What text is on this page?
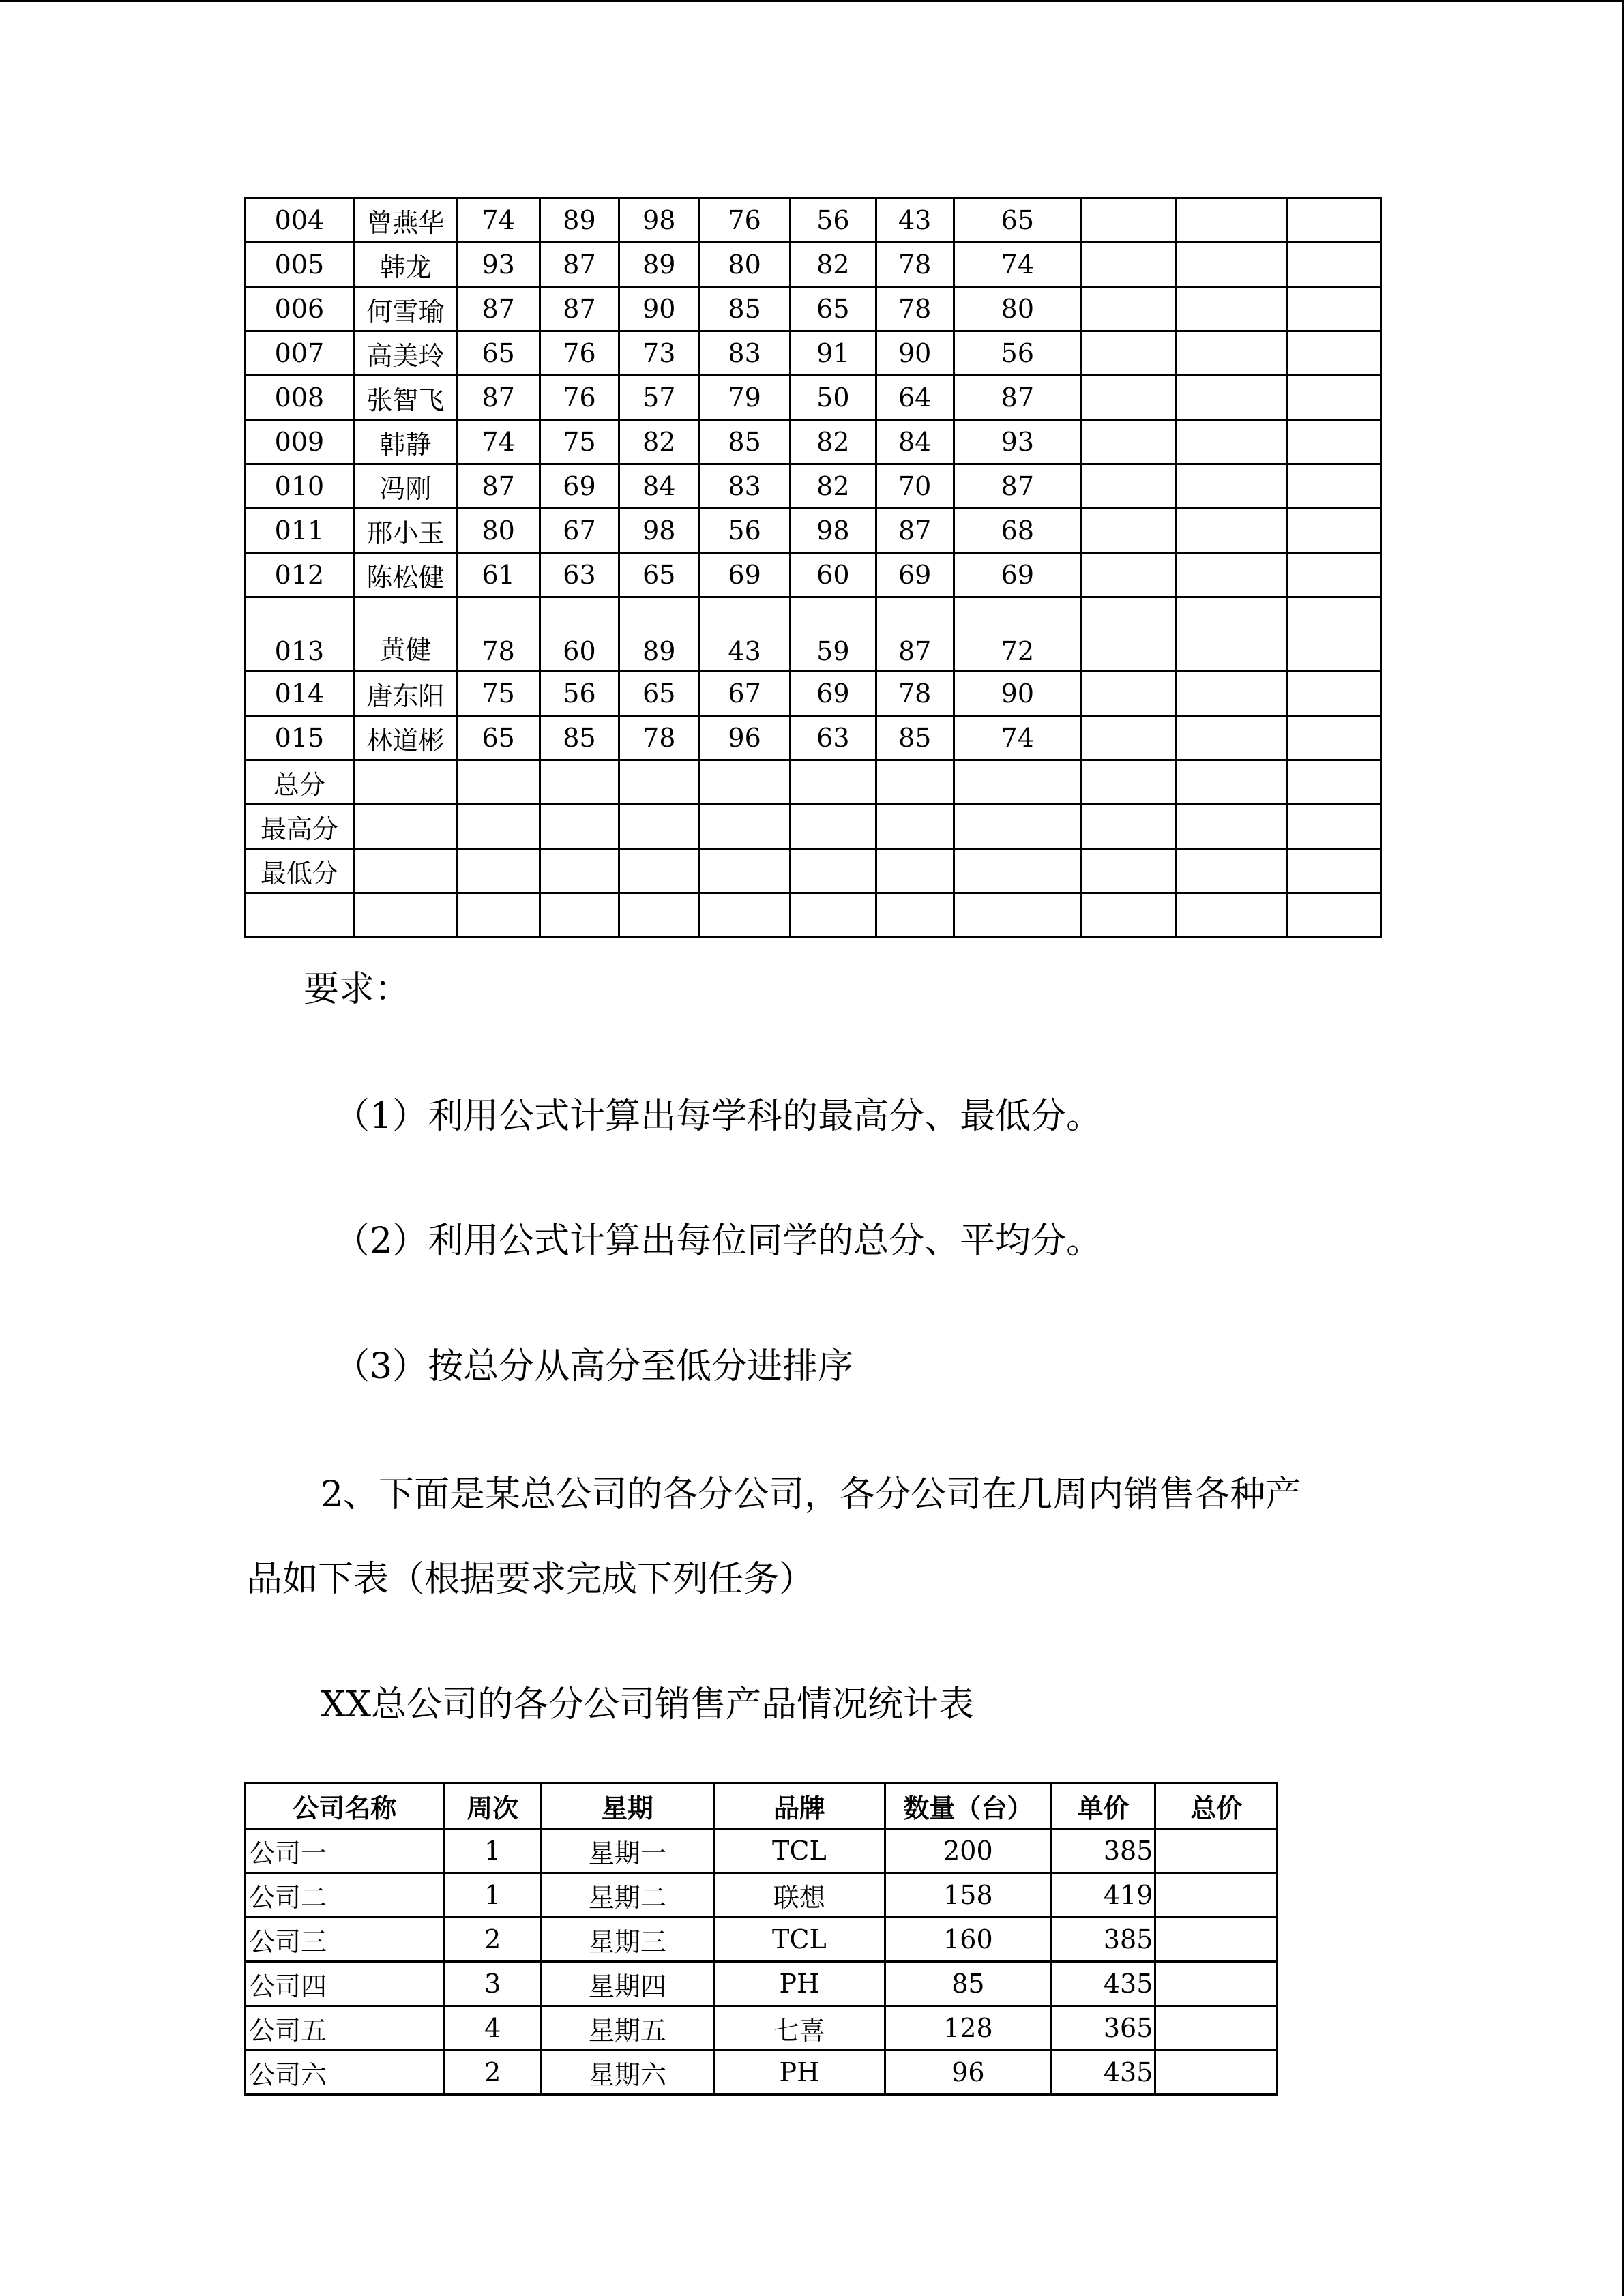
004	曾燕华	74	89	98	76	56	43	65			
005	韩龙	93	87	89	80	82	78	74			
006	何雪瑜	87	87	90	85	65	78	80			
007	高美玲	65	76	73	83	91	90	56			
008	张智飞	87	76	57	79	50	64	87			
009	韩静	74	75	82	85	82	84	93			
010	冯刚	87	69	84	83	82	70	87			
011	邢小玉	80	67	98	56	98	87	68			
012	陈松健	61	63	65	69	60	69	69			
013	黄健	78	60	89	43	59	87	72			
014	唐东阳	75	56	65	67	69	78	90			
015	林道彬	65	85	78	96	63	85	74			
总分											
最高分											
最低分											

要求：

（1）利用公式计算出每学科的最高分、最低分。

（2）利用公式计算出每位同学的总分、平均分。

（3）按总分从高分至低分进排序

2、下面是某总公司的各分公司，各分公司在几周内销售各种产

品如下表（根据要求完成下列任务）

XX总公司的各分公司销售产品情况统计表

公司名称	周次	星期	品牌	数量（台）	单价	总价
公司一	1	星期一	TCL	200	385	
公司二	1	星期二	联想	158	419	
公司三	2	星期三	TCL	160	385	
公司四	3	星期四	PH	85	435	
公司五	4	星期五	七喜	128	365	
公司六	2	星期六	PH	96	435	
